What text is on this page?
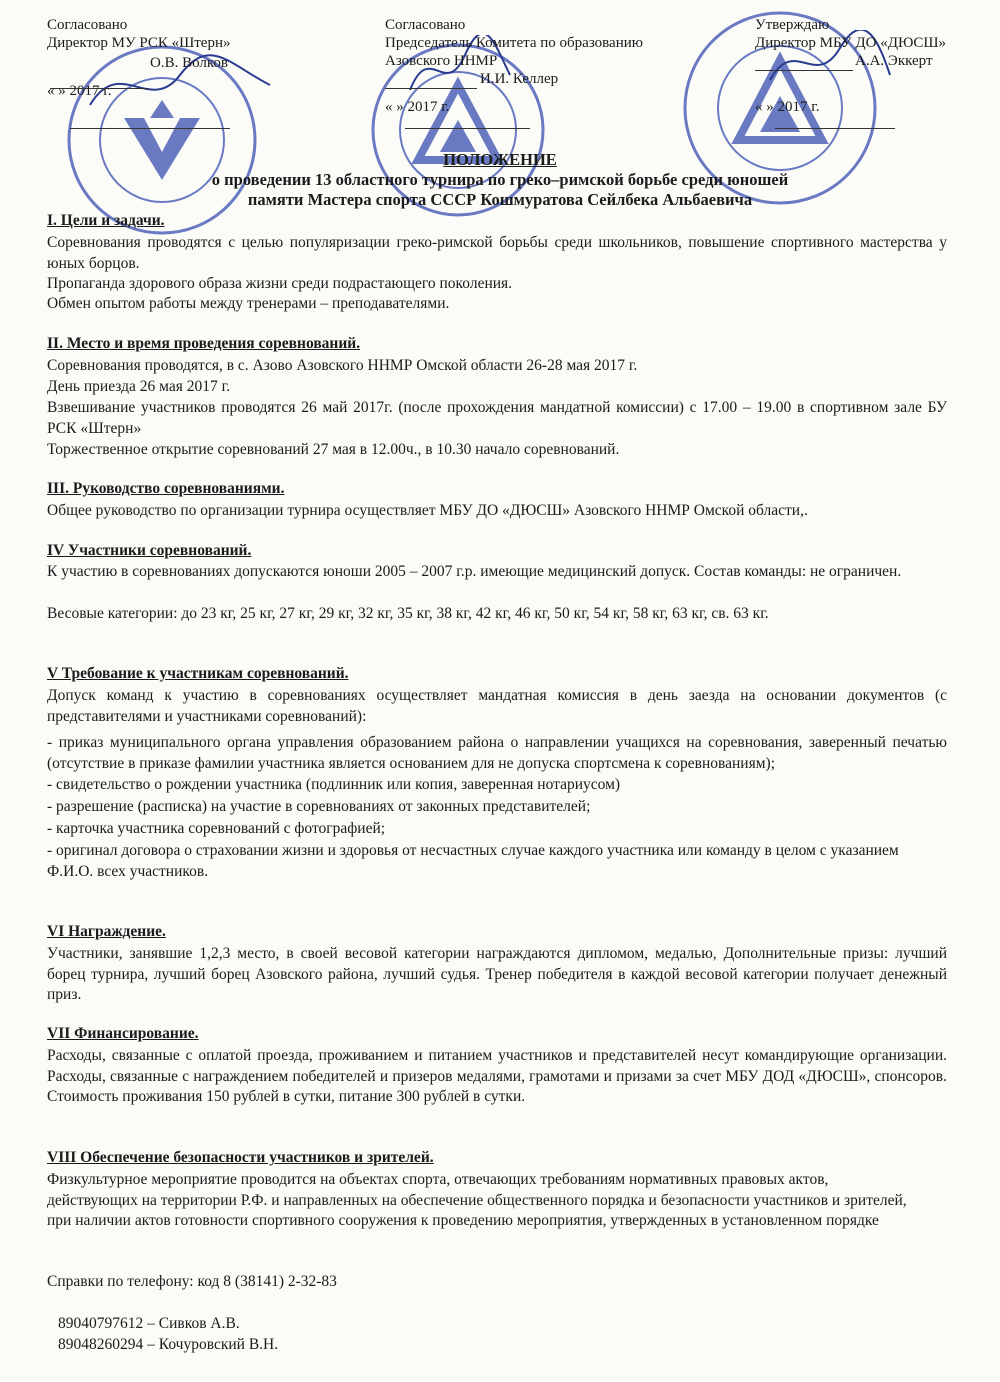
Согласовано
Директор МУ РСК «Штерн»
О.В. Волков
« » 2017 г.
Согласовано
Председатель Комитета по образованию
Азовского ННМР
И.И. Келлер
« » 2017 г.
Утверждаю
Директор МБУ ДО «ДЮСШ»
А.А. Эккерт
« » 2017 г.
ПОЛОЖЕНИЕ
о проведении 13 областного турнира по греко–римской борьбе среди юношей
памяти Мастера спорта СССР Кошмуратова Сейлбека Альбаевича
I. Цели и задачи.
Соревнования проводятся с целью популяризации греко-римской борьбы среди школьников, повышение спортивного мастерства у юных борцов.
Пропаганда здорового образа жизни среди подрастающего поколения.
Обмен опытом работы между тренерами – преподавателями.
II. Место и время проведения соревнований.
Соревнования проводятся, в с. Азово Азовского ННМР Омской области 26-28 мая 2017 г.
День приезда 26 мая 2017 г.
Взвешивание участников проводятся 26 май 2017г. (после прохождения мандатной комиссии) с 17.00 – 19.00 в спортивном зале БУ РСК «Штерн»
Торжественное открытие соревнований 27 мая в 12.00ч., в 10.30 начало соревнований.
III. Руководство соревнованиями.
Общее руководство по организации турнира осуществляет МБУ ДО «ДЮСШ» Азовского ННМР Омской области,.
IV Участники соревнований.
К участию в соревнованиях допускаются юноши 2005 – 2007 г.р. имеющие медицинский допуск. Состав команды: не ограничен.
Весовые категории: до 23 кг, 25 кг, 27 кг, 29 кг, 32 кг, 35 кг, 38 кг, 42 кг, 46 кг, 50 кг, 54 кг, 58 кг, 63 кг, св. 63 кг.
V Требование к участникам соревнований.
Допуск команд к участию в соревнованиях осуществляет мандатная комиссия в день заезда на основании документов (с представителями и участниками соревнований):
- приказ муниципального органа управления образованием района о направлении учащихся на соревнования, заверенный печатью (отсутствие в приказе фамилии участника является основанием для не допуска спортсмена к соревнованиям);
- свидетельство о рождении участника (подлинник или копия, заверенная нотариусом)
- разрешение (расписка) на участие в соревнованиях от законных представителей;
- карточка участника соревнований с фотографией;
- оригинал договора о страховании жизни и здоровья от несчастных случае каждого участника или команду в целом с указанием Ф.И.О. всех участников.
VI Награждение.
Участники, занявшие 1,2,3 место, в своей весовой категории награждаются дипломом, медалью, Дополнительные призы: лучший борец турнира, лучший борец Азовского района, лучший судья. Тренер победителя в каждой весовой категории получает денежный приз.
VII Финансирование.
Расходы, связанные с оплатой проезда, проживанием и питанием участников и представителей несут командирующие организации. Расходы, связанные с награждением победителей и призеров медалями, грамотами и призами за счет МБУ ДОД «ДЮСШ», спонсоров. Стоимость проживания 150 рублей в сутки, питание 300 рублей в сутки.
VIII Обеспечение безопасности участников и зрителей.
Физкультурное мероприятие проводится на объектах спорта, отвечающих требованиям нормативных правовых актов, действующих на территории Р.Ф. и направленных на обеспечение общественного порядка и безопасности участников и зрителей, при наличии актов готовности спортивного сооружения к проведению мероприятия, утвержденных в установленном порядке
Справки по телефону: код 8 (38141) 2-32-83
89040797612 – Сивков А.В.
89048260294 – Кочуровский В.Н.
